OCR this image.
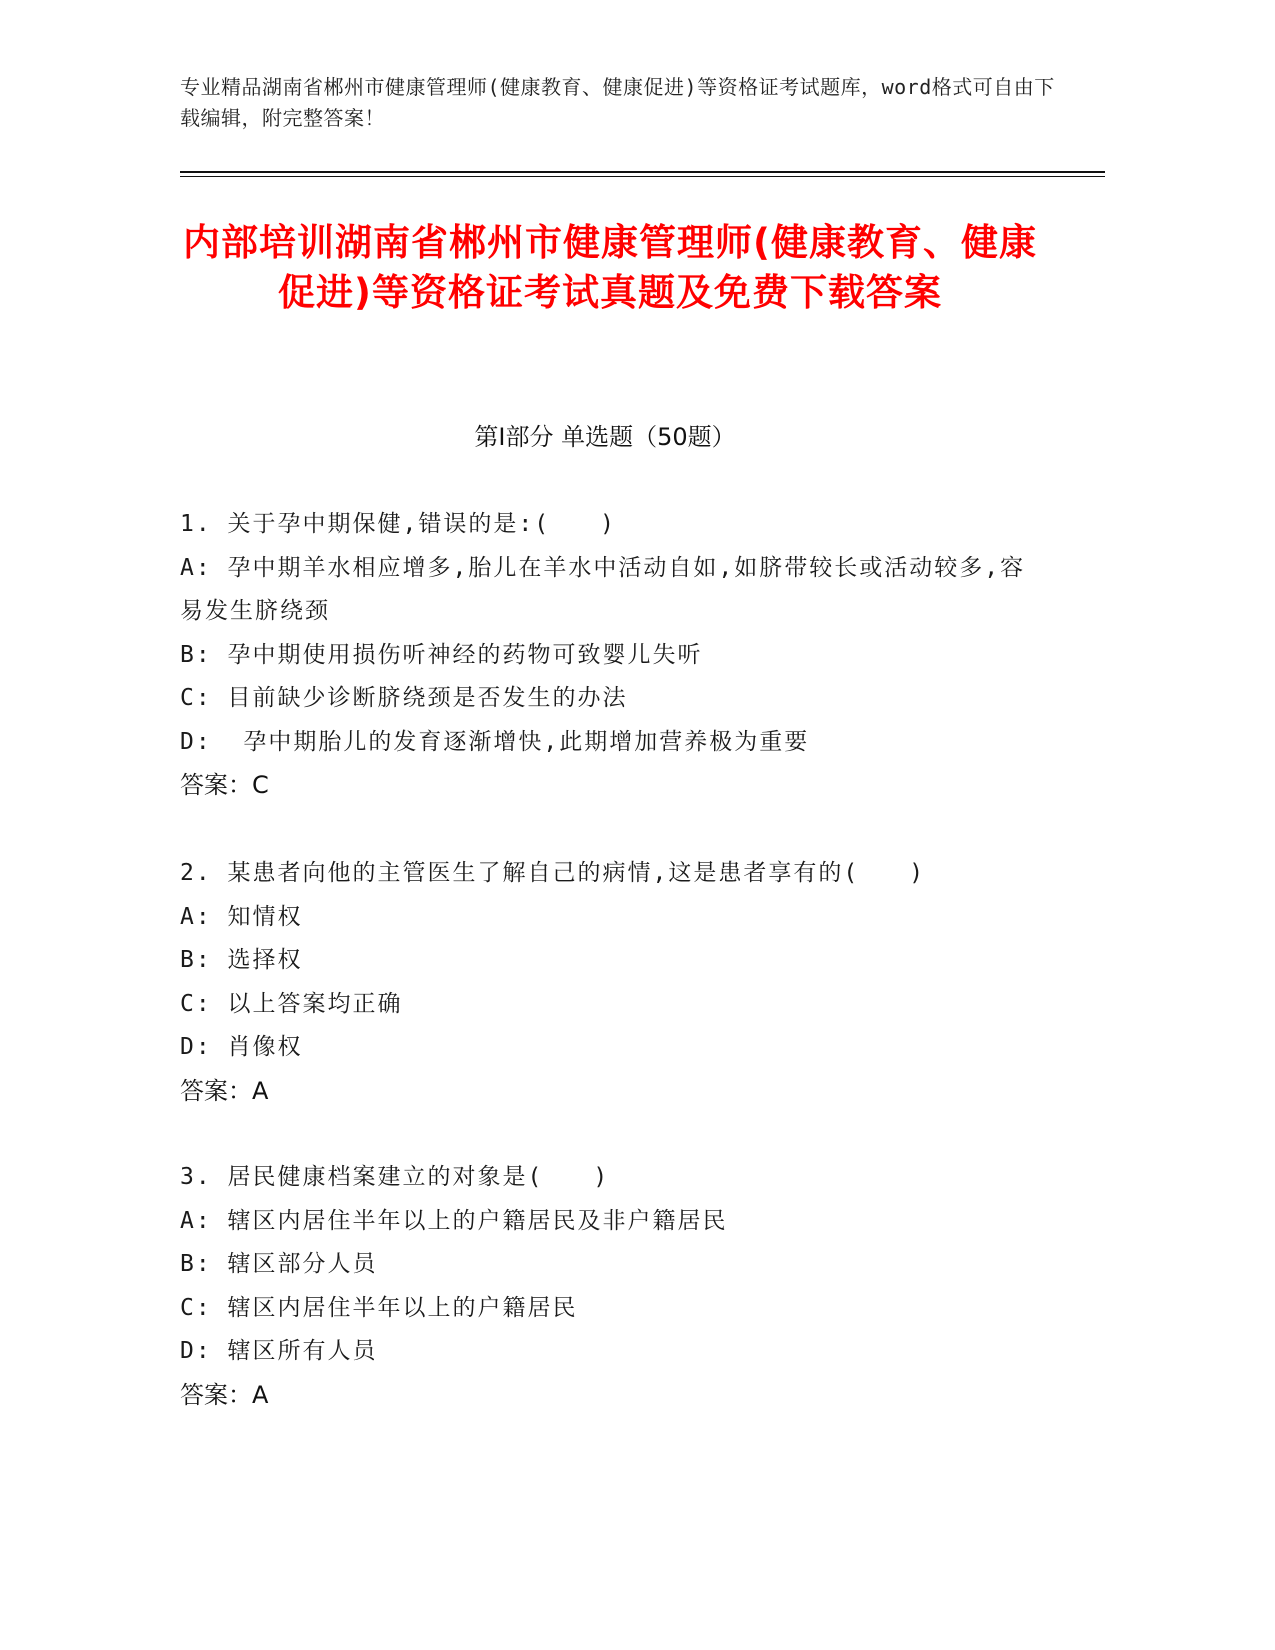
专业精品湖南省郴州市健康管理师(健康教育、健康促进)等资格证考试题库，word格式可自由下载编辑，附完整答案！
内部培训湖南省郴州市健康管理师(健康教育、健康促进)等资格证考试真题及免费下载答案
第Ⅰ部分 单选题（50题）
1. 关于孕中期保健,错误的是:(　　)
A: 孕中期羊水相应增多,胎儿在羊水中活动自如,如脐带较长或活动较多,容易发生脐绕颈
B: 孕中期使用损伤听神经的药物可致婴儿失听
C: 目前缺少诊断脐绕颈是否发生的办法
D:  孕中期胎儿的发育逐渐增快,此期增加营养极为重要
答案：C
2. 某患者向他的主管医生了解自己的病情,这是患者享有的(　　)
A: 知情权
B: 选择权
C: 以上答案均正确
D: 肖像权
答案：A
3. 居民健康档案建立的对象是(　　)
A: 辖区内居住半年以上的户籍居民及非户籍居民
B: 辖区部分人员
C: 辖区内居住半年以上的户籍居民
D: 辖区所有人员
答案：A
